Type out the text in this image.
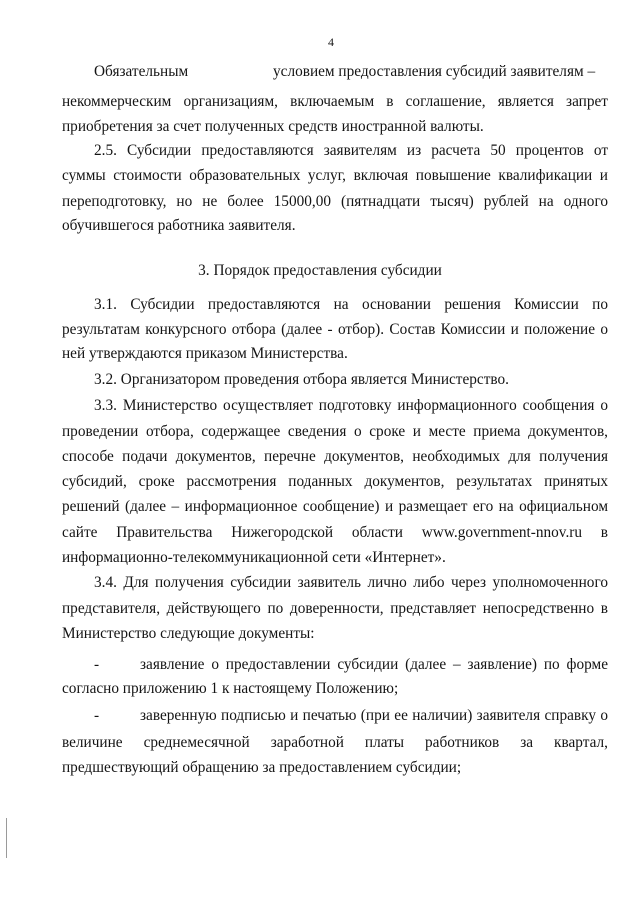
4
Обязательным	условием предоставления субсидий заявителям –
некоммерческим организациям, включаемым в соглашение, является запрет
приобретения за счет полученных средств иностранной валюты.
2.5. Субсидии предоставляются заявителям из расчета 50 процентов от
суммы стоимости образовательных услуг, включая повышение квалификации и
переподготовку, но не более 15000,00 (пятнадцати тысяч) рублей на одного
обучившегося работника заявителя.
3. Порядок предоставления субсидии
3.1. Субсидии предоставляются на основании решения Комиссии по
результатам конкурсного отбора (далее - отбор). Состав Комиссии и положение о
ней утверждаются приказом Министерства.
3.2. Организатором проведения отбора является Министерство.
3.3. Министерство осуществляет подготовку информационного сообщения о
проведении отбора, содержащее сведения о сроке и месте приема документов,
способе подачи документов, перечне документов, необходимых для получения
субсидий, сроке рассмотрения поданных документов, результатах принятых
решений (далее – информационное сообщение) и размещает его на официальном
сайте Правительства Нижегородской области www.government-nnov.ru в
информационно-телекоммуникационной сети «Интернет».
3.4. Для получения субсидии заявитель лично либо через уполномоченного
представителя, действующего по доверенности, представляет непосредственно в
Министерство следующие документы:
-	заявление о предоставлении субсидии (далее – заявление) по форме
согласно приложению 1 к настоящему Положению;
-	заверенную подписью и печатью (при ее наличии) заявителя справку о
величине среднемесячной заработной платы работников за квартал,
предшествующий обращению за предоставлением субсидии;
